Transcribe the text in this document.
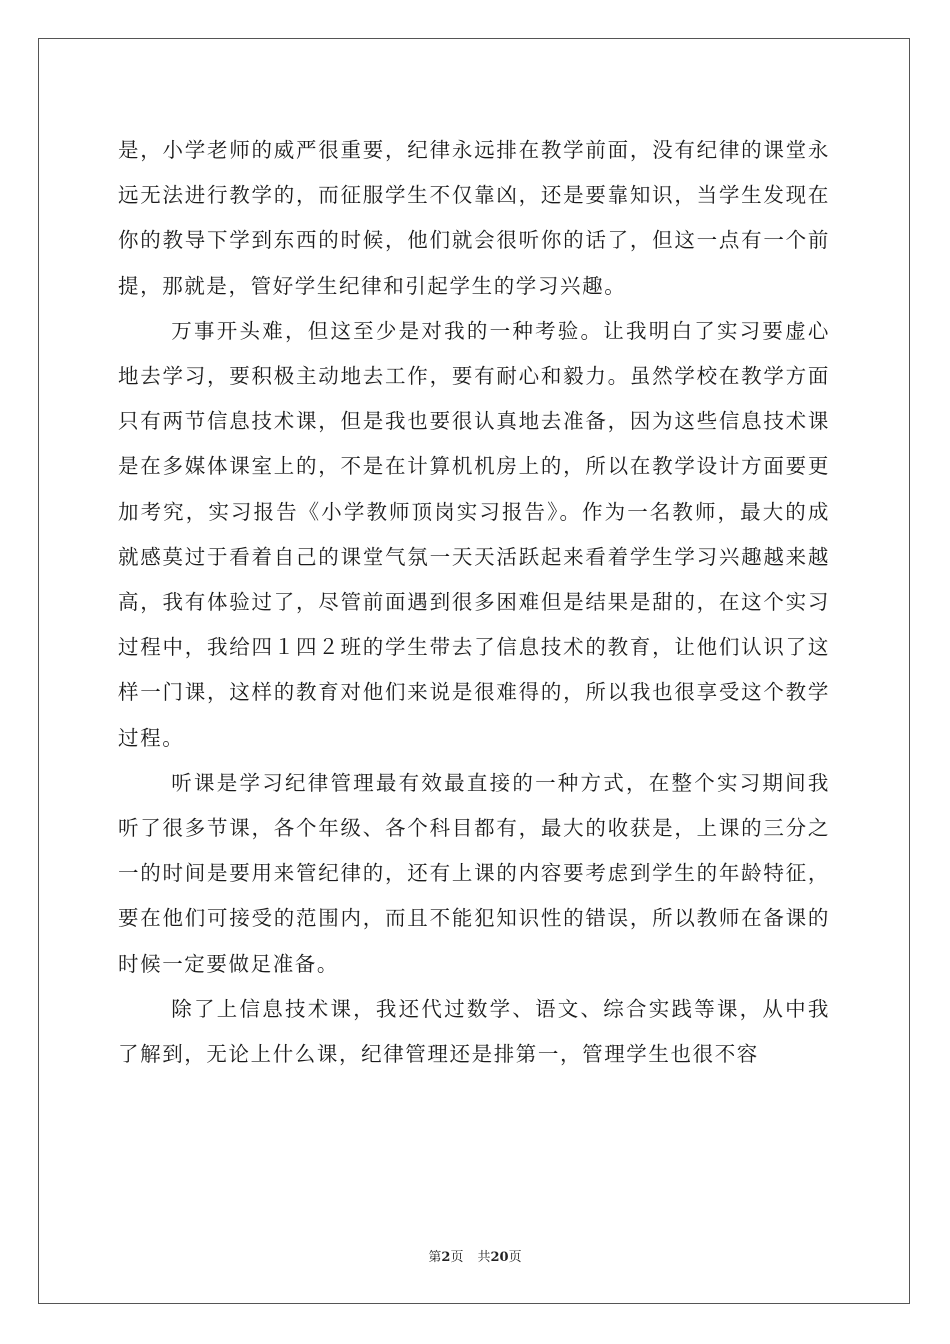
是，小学老师的威严很重要，纪律永远排在教学前面，没有纪律的课堂永远无法进行教学的，而征服学生不仅靠凶，还是要靠知识，当学生发现在你的教导下学到东西的时候，他们就会很听你的话了，但这一点有一个前提，那就是，管好学生纪律和引起学生的学习兴趣。

万事开头难，但这至少是对我的一种考验。让我明白了实习要虚心地去学习，要积极主动地去工作，要有耐心和毅力。虽然学校在教学方面只有两节信息技术课，但是我也要很认真地去准备，因为这些信息技术课是在多媒体课室上的，不是在计算机机房上的，所以在教学设计方面要更加考究，实习报告《小学教师顶岗实习报告》。作为一名教师，最大的成就感莫过于看着自己的课堂气氛一天天活跃起来看着学生学习兴趣越来越高，我有体验过了，尽管前面遇到很多困难但是结果是甜的，在这个实习过程中，我给四１四２班的学生带去了信息技术的教育，让他们认识了这样一门课，这样的教育对他们来说是很难得的，所以我也很享受这个教学过程。

听课是学习纪律管理最有效最直接的一种方式，在整个实习期间我听了很多节课，各个年级、各个科目都有，最大的收获是，上课的三分之一的时间是要用来管纪律的，还有上课的内容要考虑到学生的年龄特征，要在他们可接受的范围内，而且不能犯知识性的错误，所以教师在备课的时候一定要做足准备。

除了上信息技术课，我还代过数学、语文、综合实践等课，从中我了解到，无论上什么课，纪律管理还是排第一，管理学生也很不容

第2页 共20页
